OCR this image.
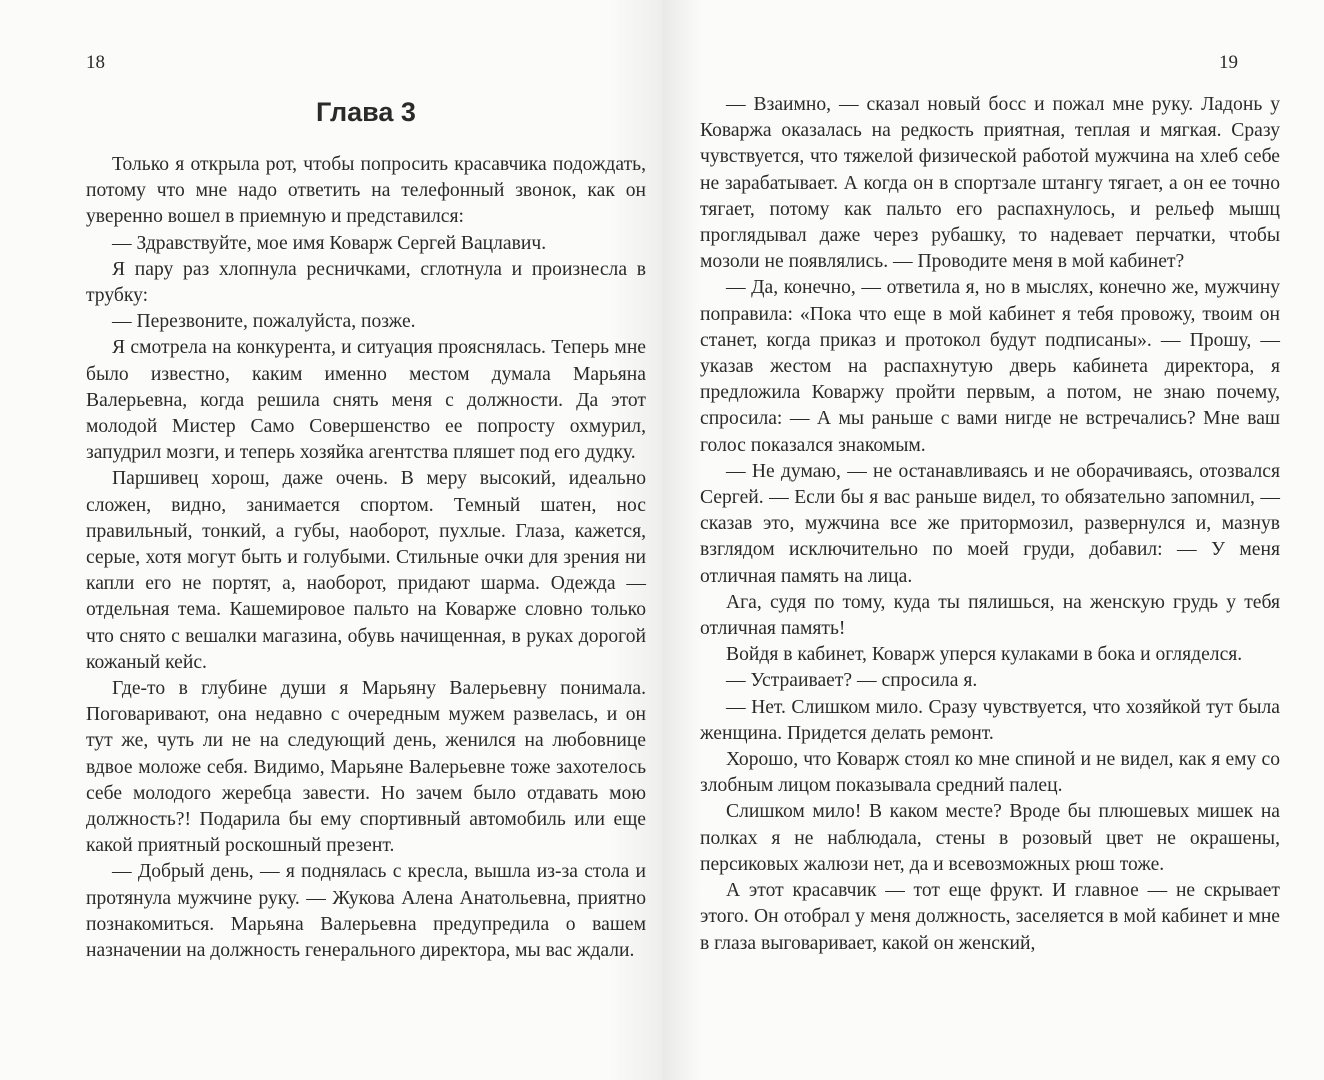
18
Глава 3

Только я открыла рот, чтобы попросить красавчика подождать, потому что мне надо ответить на телефонный звонок, как он уверенно вошел в приемную и представился:

— Здравствуйте, мое имя Коварж Сергей Вацлавич.

Я пару раз хлопнула ресничками, сглотнула и произнесла в трубку:

— Перезвоните, пожалуйста, позже.

Я смотрела на конкурента, и ситуация прояснялась. Теперь мне было известно, каким именно местом думала Марьяна Валерьевна, когда решила снять меня с должности. Да этот молодой Мистер Само Совершенство ее попросту охмурил, запудрил мозги, и теперь хозяйка агентства пляшет под его дудку.

Паршивец хорош, даже очень. В меру высокий, идеально сложен, видно, занимается спортом. Темный шатен, нос правильный, тонкий, а губы, наоборот, пухлые. Глаза, кажется, серые, хотя могут быть и голубыми. Стильные очки для зрения ни капли его не портят, а, наоборот, придают шарма. Одежда — отдельная тема. Кашемировое пальто на Коварже словно только что снято с вешалки магазина, обувь начищенная, в руках дорогой кожаный кейс.

Где-то в глубине души я Марьяну Валерьевну понимала. Поговаривают, она недавно с очередным мужем развелась, и он тут же, чуть ли не на следующий день, женился на любовнице вдвое моложе себя. Видимо, Марьяне Валерьевне тоже захотелось себе молодого жеребца завести. Но зачем было отдавать мою должность?! Подарила бы ему спортивный автомобиль или еще какой приятный роскошный презент.

— Добрый день, — я поднялась с кресла, вышла из-за стола и протянула мужчине руку. — Жукова Алена Анатольевна, приятно познакомиться. Марьяна Валерьевна предупредила о вашем назначении на должность генерального директора, мы вас ждали.

19

— Взаимно, — сказал новый босс и пожал мне руку. Ладонь у Коваржа оказалась на редкость приятная, теплая и мягкая. Сразу чувствуется, что тяжелой физической работой мужчина на хлеб себе не зарабатывает. А когда он в спортзале штангу тягает, а он ее точно тягает, потому как пальто его распахнулось, и рельеф мышц проглядывал даже через рубашку, то надевает перчатки, чтобы мозоли не появлялись. — Проводите меня в мой кабинет?

— Да, конечно, — ответила я, но в мыслях, конечно же, мужчину поправила: «Пока что еще в мой кабинет я тебя провожу, твоим он станет, когда приказ и протокол будут подписаны». — Прошу, — указав жестом на распахнутую дверь кабинета директора, я предложила Коваржу пройти первым, а потом, не знаю почему, спросила: — А мы раньше с вами нигде не встречались? Мне ваш голос показался знакомым.

— Не думаю, — не останавливаясь и не оборачиваясь, отозвался Сергей. — Если бы я вас раньше видел, то обязательно запомнил, — сказав это, мужчина все же притормозил, развернулся и, мазнув взглядом исключительно по моей груди, добавил: — У меня отличная память на лица.

Ага, судя по тому, куда ты пялишься, на женскую грудь у тебя отличная память!

Войдя в кабинет, Коварж уперся кулаками в бока и огляделся.

— Устраивает? — спросила я.

— Нет. Слишком мило. Сразу чувствуется, что хозяйкой тут была женщина. Придется делать ремонт.

Хорошо, что Коварж стоял ко мне спиной и не видел, как я ему со злобным лицом показывала средний палец.

Слишком мило! В каком месте? Вроде бы плюшевых мишек на полках я не наблюдала, стены в розовый цвет не окрашены, персиковых жалюзи нет, да и всевозможных рюш тоже.

А этот красавчик — тот еще фрукт. И главное — не скрывает этого. Он отобрал у меня должность, заселяется в мой кабинет и мне в глаза выговаривает, какой он женский,
